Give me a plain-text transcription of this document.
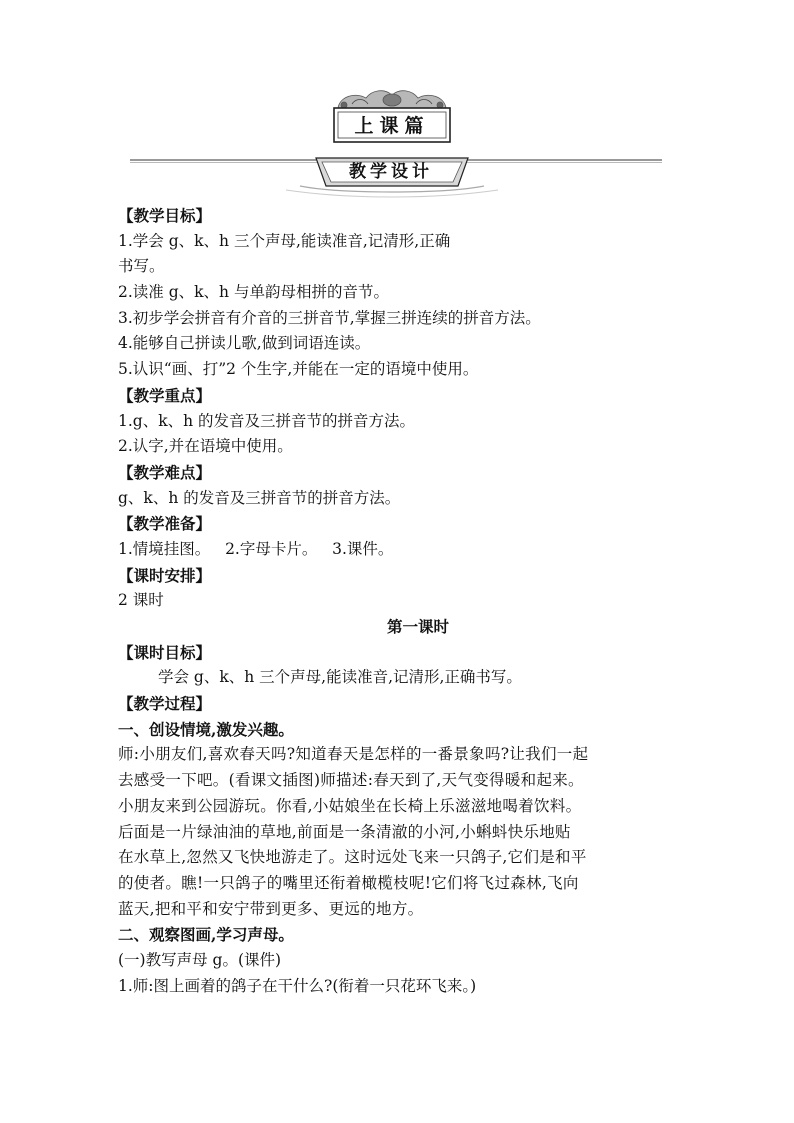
上课篇
教学设计
【教学目标】
1.学会 g、k、h 三个声母,能读准音,记清形,正确
书写。
2.读准 g、k、h 与单韵母相拼的音节。
3.初步学会拼音有介音的三拼音节,掌握三拼连续的拼音方法。
4.能够自己拼读儿歌,做到词语连读。
5.认识“画、打”2 个生字,并能在一定的语境中使用。
【教学重点】
1.g、k、h 的发音及三拼音节的拼音方法。
2.认字,并在语境中使用。
【教学难点】
g、k、h 的发音及三拼音节的拼音方法。
【教学准备】
1.情境挂图。   2.字母卡片。   3.课件。
【课时安排】
2 课时
第一课时
【课时目标】
学会 g、k、h 三个声母,能读准音,记清形,正确书写。
【教学过程】
一、创设情境,激发兴趣。
师:小朋友们,喜欢春天吗?知道春天是怎样的一番景象吗?让我们一起
去感受一下吧。(看课文插图)师描述:春天到了,天气变得暖和起来。
小朋友来到公园游玩。你看,小姑娘坐在长椅上乐滋滋地喝着饮料。
后面是一片绿油油的草地,前面是一条清澈的小河,小蝌蚪快乐地贴
在水草上,忽然又飞快地游走了。这时远处飞来一只鸽子,它们是和平
的使者。瞧!一只鸽子的嘴里还衔着橄榄枝呢!它们将飞过森林,飞向
蓝天,把和平和安宁带到更多、更远的地方。
二、观察图画,学习声母。
(一)教写声母 g。(课件)
1.师:图上画着的鸽子在干什么?(衔着一只花环飞来。)
